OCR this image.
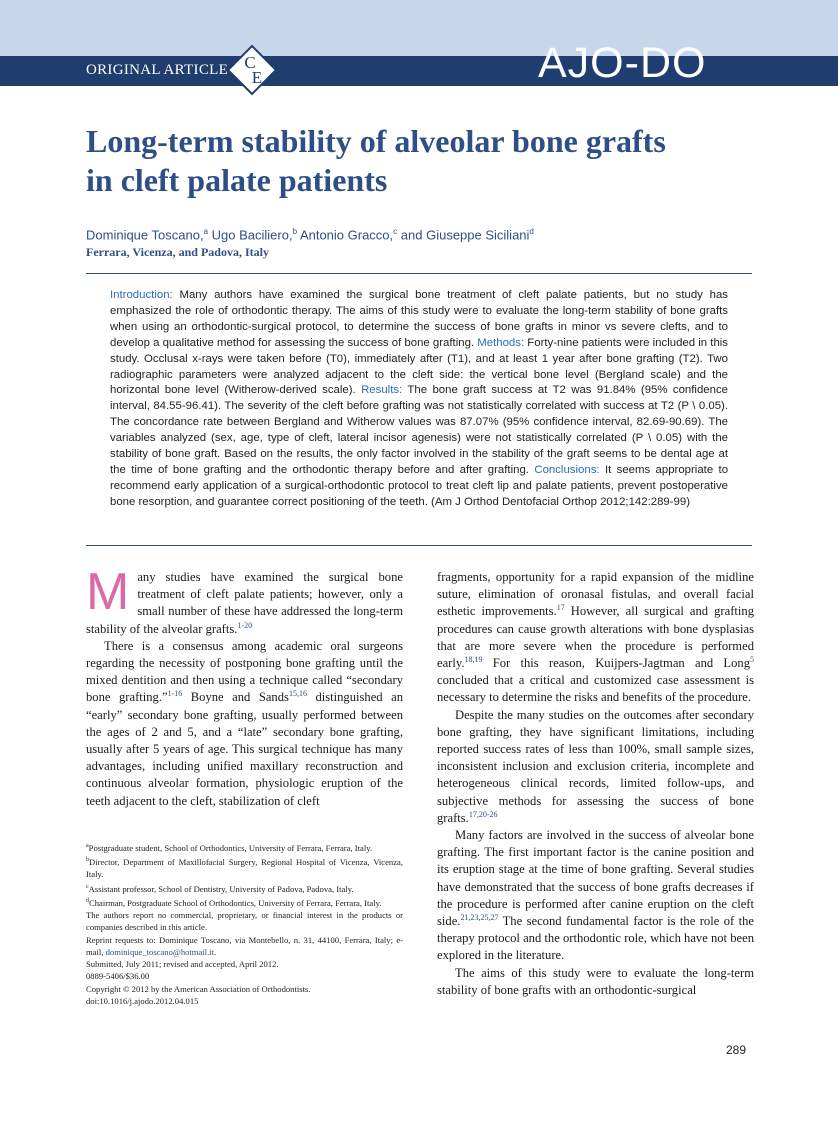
ORIGINAL ARTICLE C
E	AJO-DO
Long-term stability of alveolar bone grafts
in cleft palate patients
Dominique Toscano,$^a$ Ugo Baciliero,$^b$ Antonio Gracco,$^c$ and Giuseppe Siciliani$^d$
Ferrara, Vicenza, and Padova, Italy
Introduction: Many authors have examined the surgical bone treatment of cleft palate patients, but no study has emphasized the role of orthodontic therapy. The aims of this study were to evaluate the long-term stability of bone grafts when using an orthodontic-surgical protocol, to determine the success of bone grafts in minor vs severe clefts, and to develop a qualitative method for assessing the success of bone grafting. Methods: Forty-nine patients were included in this study. Occlusal x-rays were taken before (T0), immediately after (T1), and at least 1 year after bone grafting (T2). Two radiographic parameters were analyzed adjacent to the cleft side: the vertical bone level (Bergland scale) and the horizontal bone level (Witherow-derived scale). Results: The bone graft success at T2 was 91.84% (95% confidence interval, 84.55-96.41). The severity of the cleft before grafting was not statistically correlated with success at T2 (P \ 0.05). The concordance rate between Bergland and Witherow values was 87.07% (95% confidence interval, 82.69-90.69). The variables analyzed (sex, age, type of cleft, lateral incisor agenesis) were not statistically correlated (P \ 0.05) with the stability of bone graft. Based on the results, the only factor involved in the stability of the graft seems to be dental age at the time of bone grafting and the orthodontic therapy before and after grafting. Conclusions: It seems appropriate to recommend early application of a surgical-orthodontic protocol to treat cleft lip and palate patients, prevent postoperative bone resorption, and guarantee correct positioning of the teeth. (Am J Orthod Dentofacial Orthop 2012;142:289-99)

Many studies have examined the surgical bone treatment of cleft palate patients; however, only a small number of these have addressed the long-term stability of the alveolar grafts.$^{1-20}$

There is a consensus among academic oral surgeons regarding the necessity of postponing bone grafting until the mixed dentition and then using a technique called “secondary bone grafting.”$^{1-16}$ Boyne and Sands$^{15,16}$ distinguished an “early” secondary bone grafting, usually performed between the ages of 2 and 5, and a “late” secondary bone grafting, usually after 5 years of age. This surgical technique has many advantages, including unified maxillary reconstruction and continuous alveolar formation, physiologic eruption of the teeth adjacent to the cleft, stabilization of cleft

$^a$Postgraduate student, School of Orthodontics, University of Ferrara, Ferrara, Italy.
$^b$Director, Department of Maxillofacial Surgery, Regional Hospital of Vicenza, Vicenza, Italy.
$^c$Assistant professor, School of Dentistry, University of Padova, Padova, Italy.
$^d$Chairman, Postgraduate School of Orthodontics, University of Ferrara, Ferrara, Italy.
The authors report no commercial, proprietary, or financial interest in the products or companies described in this article.
Reprint requests to: Dominique Toscano, via Montebello, n. 31, 44100, Ferrara, Italy; e-mail, dominique_toscano@hotmail.it.
Submitted, July 2011; revised and accepted, April 2012.
0889-5406/$36.00
Copyright © 2012 by the American Association of Orthodontists.
doi:10.1016/j.ajodo.2012.04.015

fragments, opportunity for a rapid expansion of the midline suture, elimination of oronasal fistulas, and overall facial esthetic improvements.$^{17}$ However, all surgical and grafting procedures can cause growth alterations with bone dysplasias that are more severe when the procedure is performed early.$^{18,19}$ For this reason, Kuijpers-Jagtman and Long$^5$ concluded that a critical and customized case assessment is necessary to determine the risks and benefits of the procedure.

Despite the many studies on the outcomes after secondary bone grafting, they have significant limitations, including reported success rates of less than 100%, small sample sizes, inconsistent inclusion and exclusion criteria, incomplete and heterogeneous clinical records, limited follow-ups, and subjective methods for assessing the success of bone grafts.$^{17,20-26}$

Many factors are involved in the success of alveolar bone grafting. The first important factor is the canine position and its eruption stage at the time of bone grafting. Several studies have demonstrated that the success of bone grafts decreases if the procedure is performed after canine eruption on the cleft side.$^{21,23,25,27}$ The second fundamental factor is the role of the therapy protocol and the orthodontic role, which have not been explored in the literature.

The aims of this study were to evaluate the long-term stability of bone grafts with an orthodontic-surgical

289
